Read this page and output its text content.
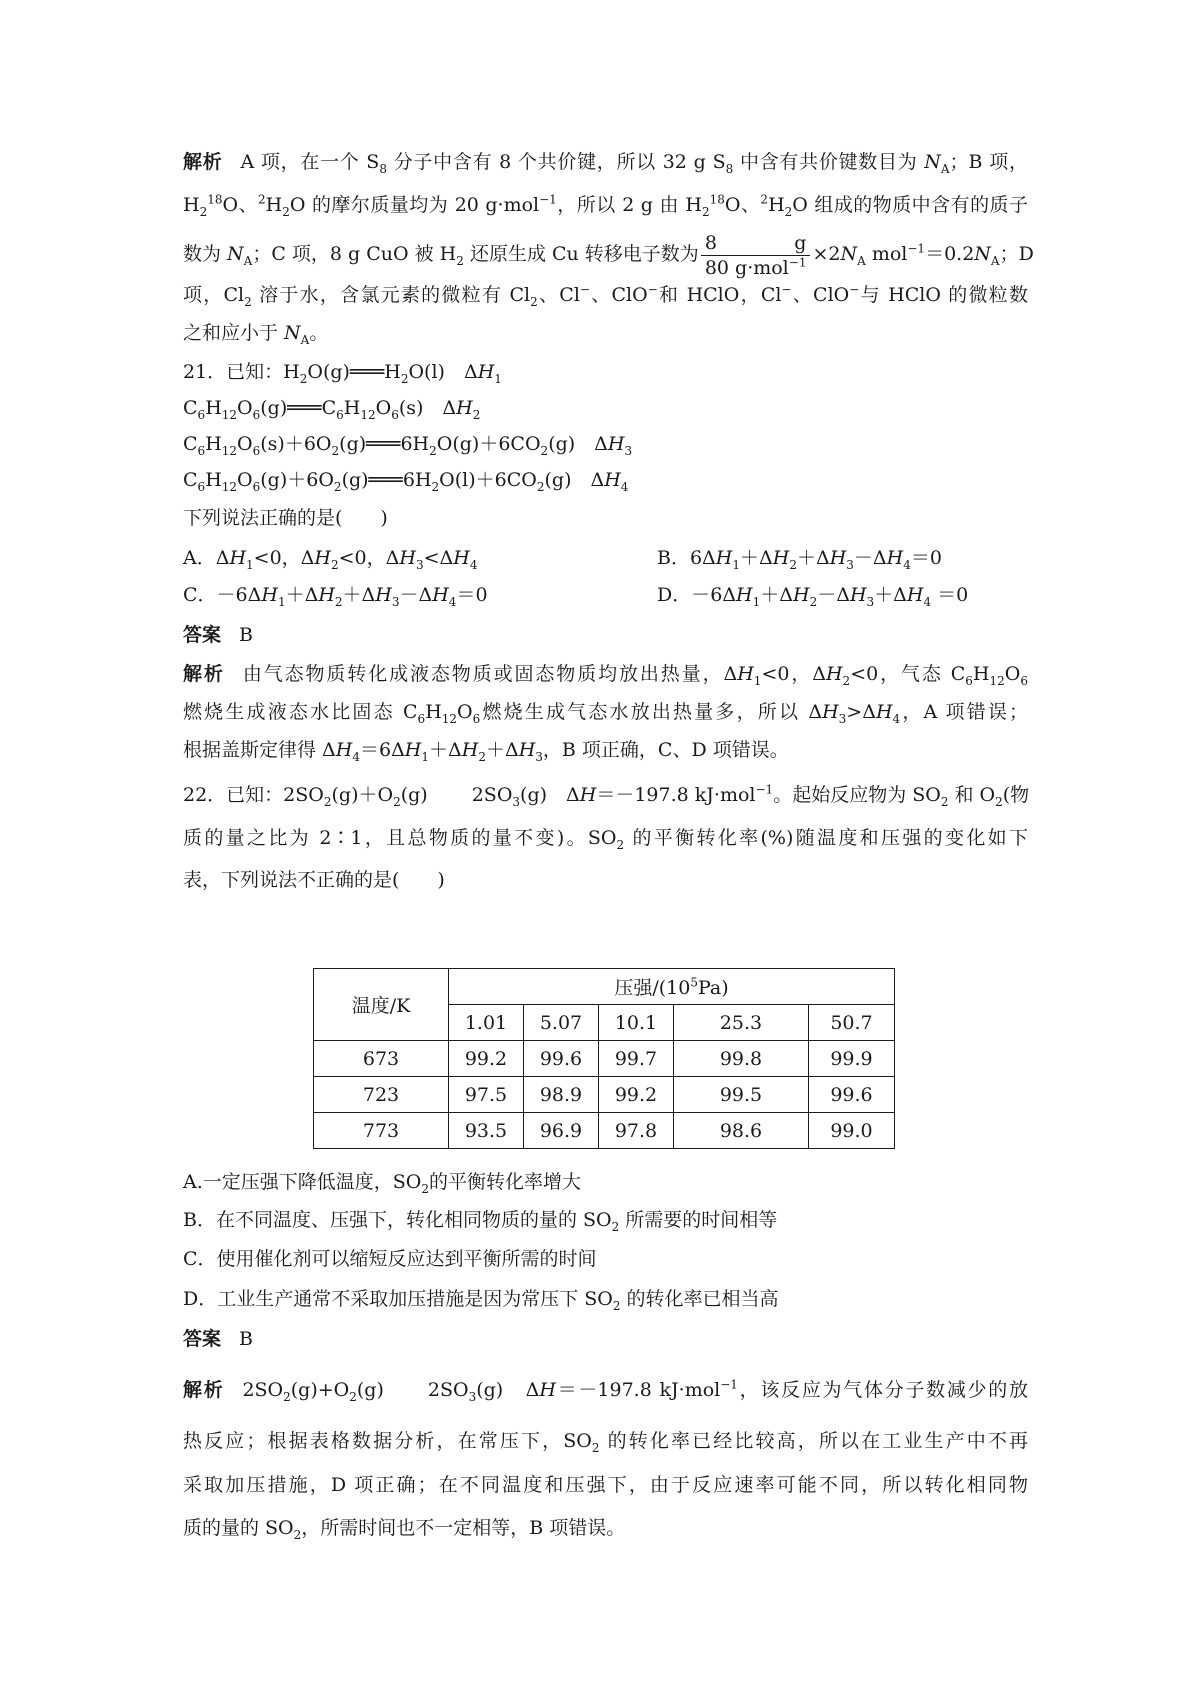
解析 A 项，在一个 $S_8$ 分子中含有 8 个共价键，所以 32 g $S_8$ 中含有共价键数目为 $N_A$；B 项，
$H_2^{18}O$、$^2H_2O$ 的摩尔质量均为 20 g·mol$^{-1}$，所以 2 g 由 $H_2^{18}O$、$^2H_2O$ 组成的物质中含有的质子
数为 $N_A$；C 项，8 g CuO 被 $H_2$ 还原生成 Cu 转移电子数为 $\frac{8 g}{80 g\cdot mol^{-1}} \times 2N_A$ $mol^{-1}=0.2N_A$；D
项，$Cl_2$ 溶于水，含氯元素的微粒有 $Cl_2$、Cl−、ClO−和 HClO，Cl−、ClO−与 HClO 的微粒数
之和应小于 $N_A$。
21．已知：$H_2O(g)═══H_2O(l)$　$\Delta H_1$
$C_6H_{12}O_6(g)═══C_6H_{12}O_6(s)$　$\Delta H_2$
$C_6H_{12}O_6(s)+6O_2(g)═══6H_2O(g)+6CO_2(g)$　$\Delta H_3$
$C_6H_{12}O_6(g)+6O_2(g)═══6H_2O(l)+6CO_2(g)$　$\Delta H_4$
下列说法正确的是(　　)
A．$\Delta H_1<0$，$\Delta H_2<0$，$\Delta H_3<\Delta H_4$	B．$6\Delta H_1+\Delta H_2+\Delta H_3-\Delta H_4=0$
C．$-6\Delta H_1+\Delta H_2+\Delta H_3-\Delta H_4=0$	D．$-6\Delta H_1+\Delta H_2-\Delta H_3+\Delta H_4 =0$
答案 B
解析 由气态物质转化成液态物质或固态物质均放出热量，$\Delta H_1<0$，$\Delta H_2<0$，气态 $C_6H_{12}O_6$
燃烧生成液态水比固态 $C_6H_{12}O_6$燃烧生成气态水放出热量多，所以 $\Delta H_3>\Delta H_4$，A 项错误；
根据盖斯定律得 $\Delta H_4=6\Delta H_1+\Delta H_2+\Delta H_3$，B 项正确，C、D 项错误。
22．已知：$2SO_2(g)+O_2(g)$ $2SO_3(g)$　ΔH＝－197.8 kJ·mol$^{-1}$。起始反应物为 $SO_2$ 和 $O_2$(物
质的量之比为 2∶1，且总物质的量不变)。$SO_2$ 的平衡转化率(%)随温度和压强的变化如下
表，下列说法不正确的是(　　)
温度/K	压强$/(10^5Pa)$				
	1.01	5.07	10.1	25.3	50.7
673	99.2	99.6	99.7	99.8	99.9
723	97.5	98.9	99.2	99.5	99.6
773	93.5	96.9	97.8	98.6	99.0
A.一定压强下降低温度，$SO_2$的平衡转化率增大
B．在不同温度、压强下，转化相同物质的量的 $SO_2$ 所需要的时间相等
C．使用催化剂可以缩短反应达到平衡所需的时间
D．工业生产通常不采取加压措施是因为常压下 $SO_2$ 的转化率已相当高
答案 B
解析 $2SO_2(g)+O_2(g)$ $2SO_3(g)$　ΔH＝－197.8 kJ·mol$^{-1}$，该反应为气体分子数减少的放
热反应；根据表格数据分析，在常压下，$SO_2$ 的转化率已经比较高，所以在工业生产中不再
采取加压措施，D 项正确；在不同温度和压强下，由于反应速率可能不同，所以转化相同物
质的量的 $SO_2$，所需时间也不一定相等，B 项错误。
